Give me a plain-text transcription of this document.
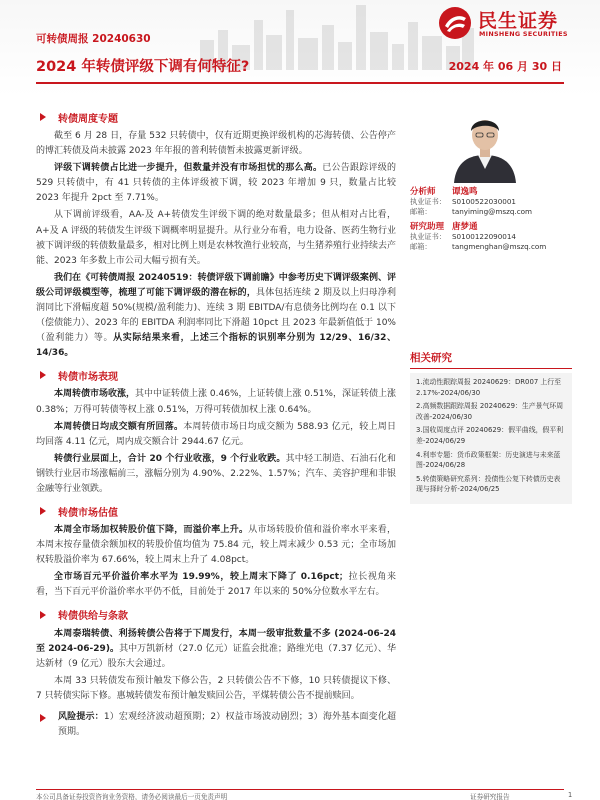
民生证券
MINSHENG SECURITIES
可转债周报 20240630
2024 年转债评级下调有何特征?	2024 年 06 月 30 日
转债周度专题

截至 6 月 28 日，存量 532 只转债中，仅有近期更换评级机构的芯海转债、公告停产的博汇转债及尚未披露 2023 年年报的普利转债暂未披露更新评级。

评级下调转债占比进一步提升，但数量并没有市场担忧的那么高。已公告跟踪评级的 529 只转债中，有 41 只转债的主体评级被下调，较 2023 年增加 9 只，数量占比较 2023 年提升 2pct 至 7.71%。

从下调前评级看，AA-及 A+转债发生评级下调的绝对数量最多；但从相对占比看，A+及 A 评级的转债发生评级下调概率明显提升。从行业分布看，电力设备、医药生物行业被下调评级的转债数量最多，相对比例上则是农林牧渔行业较高，与生猪养殖行业持续去产能、2023 年多数上市公司大幅亏损有关。

我们在《可转债周报 20240519：转债评级下调前瞻》中参考历史下调评级案例、评级公司评级模型等，梳理了可能下调评级的潜在标的，具体包括连续 2 期及以上归母净利润同比下滑幅度超 50%(规模/盈利能力)、连续 3 期 EBITDA/有息债务比例均在 0.1 以下（偿债能力）、2023 年的 EBITDA 利润率同比下滑超 10pct 且 2023 年最新值低于 10%（盈利能力）等。从实际结果来看，上述三个指标的识别率分别为 12/29、16/32、14/36。

转债市场表现

本周转债市场收涨，其中中证转债上涨 0.46%，上证转债上涨 0.51%，深证转债上涨 0.38%；万得可转债等权上涨 0.51%，万得可转债加权上涨 0.64%。

本周转债日均成交额有所回落。本周转债市场日均成交额为 588.93 亿元，较上周日均回落 4.11 亿元，周内成交额合计 2944.67 亿元。

转债行业层面上，合计 20 个行业收涨，9 个行业收跌。其中轻工制造、石油石化和钢铁行业居市场涨幅前三，涨幅分别为 4.90%、2.22%、1.57%；汽车、美容护理和非银金融等行业领跌。

转债市场估值

本周全市场加权转股价值下降，而溢价率上升。从市场转股价值和溢价率水平来看，本周末按存量债余额加权的转股价值均值为 75.84 元，较上周末减少 0.53 元；全市场加权转股溢价率为 67.66%，较上周末上升了 4.08pct。

全市场百元平价溢价率水平为 19.99%，较上周末下降了 0.16pct；拉长视角来看，当下百元平价溢价率水平仍不低，目前处于 2017 年以来的 50%分位数水平左右。

转债供给与条款

本周泰瑞转债、利扬转债公告将于下周发行，本周一级审批数量不多 (2024-06-24 至 2024-06-29)。其中万凯新材（27.0 亿元）证监会批准；路维光电（7.37 亿元）、华达新材（9 亿元）股东大会通过。

本周 33 只转债发布预计触发下修公告，2 只转债公告不下修，10 只转债提议下修、7 只转债实际下修。惠城转债发布预计触发赎回公告，平煤转债公告不提前赎回。

风险提示：1）宏观经济波动超预期；2）权益市场波动剧烈；3）海外基本面变化超预期。

分析师	谭逸鸣
执业证书： S0100522030001
邮箱：	tanyiming@mszq.com
研究助理 唐梦通
执业证书： S0100122090014
邮箱：	tangmenghan@mszq.com
相关研究
1.流动性跟踪周报 20240629：DR007 上行至 2.17%-2024/06/30
2.高频数据跟踪周报 20240629：生产景气环周改善-2024/06/30
3.国收周度点评 20240629：假平曲线，假平利差-2024/06/29
4.利率专题：货币政策框架：历史演进与未来蓝图-2024/06/28
5.转债策略研究系列：投债性公复下转债历史表现与择时分析-2024/06/25
本公司具备证券投资咨询业务资格，请务必阅读最后一页免责声明	证券研究报告	1
